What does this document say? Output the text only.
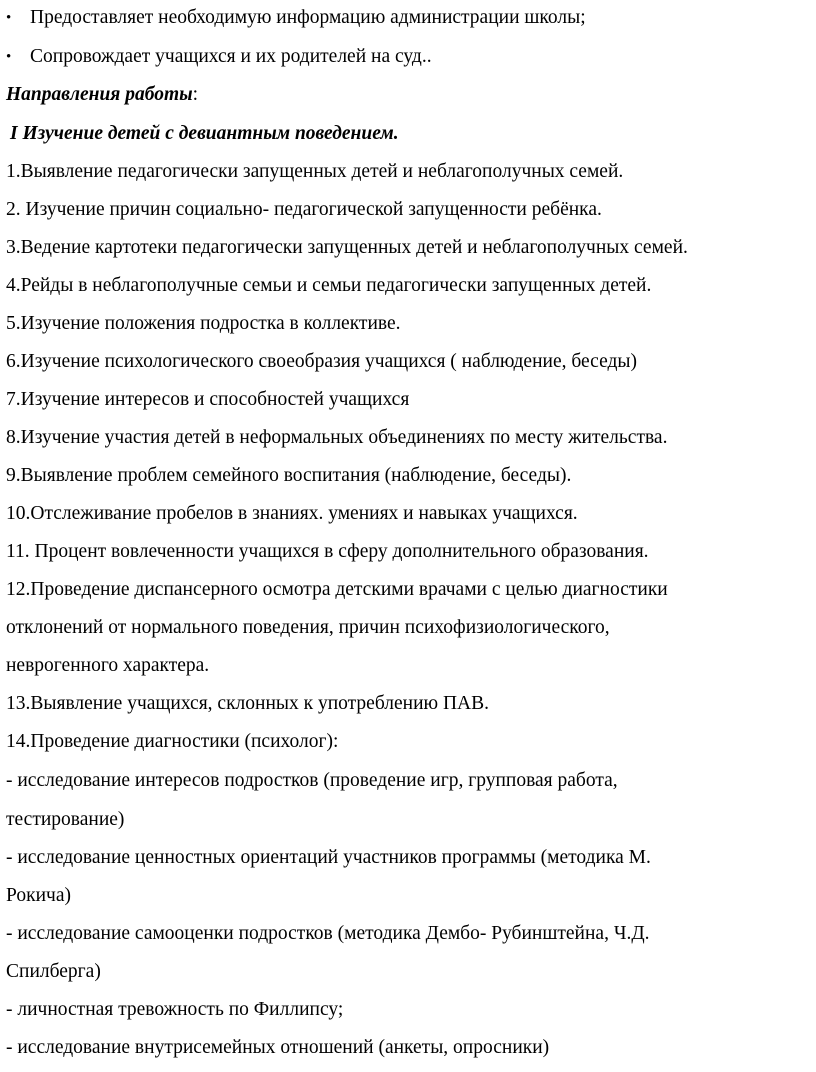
• Предоставляет необходимую информацию администрации школы;
• Сопровождает учащихся и их родителей на суд..
Направления работы:
I Изучение детей с девиантным поведением.
1.Выявление педагогически запущенных детей и неблагополучных семей.
2. Изучение причин социально- педагогической запущенности ребёнка.
3.Ведение картотеки педагогически запущенных детей и неблагополучных семей.
4.Рейды в неблагополучные семьи и семьи педагогически запущенных детей.
5.Изучение положения подростка в коллективе.
6.Изучение психологического своеобразия учащихся ( наблюдение, беседы)
7.Изучение интересов и способностей учащихся
8.Изучение участия детей в неформальных объединениях по месту жительства.
9.Выявление проблем семейного воспитания (наблюдение, беседы).
10.Отслеживание пробелов в знаниях. умениях и навыках учащихся.
11. Процент вовлеченности учащихся в сферу дополнительного образования.
12.Проведение диспансерного осмотра детскими врачами с целью диагностики
отклонений от нормального поведения, причин психофизиологического,
неврогенного характера.
13.Выявление учащихся, склонных к употреблению ПАВ.
14.Проведение диагностики (психолог):
- исследование интересов подростков (проведение игр, групповая работа,
тестирование)
- исследование ценностных ориентаций участников программы (методика М.
Рокича)
- исследование самооценки подростков (методика Дембо- Рубинштейна, Ч.Д.
Спилберга)
- личностная тревожность по Филлипсу;
- исследование внутрисемейных отношений (анкеты, опросники)
